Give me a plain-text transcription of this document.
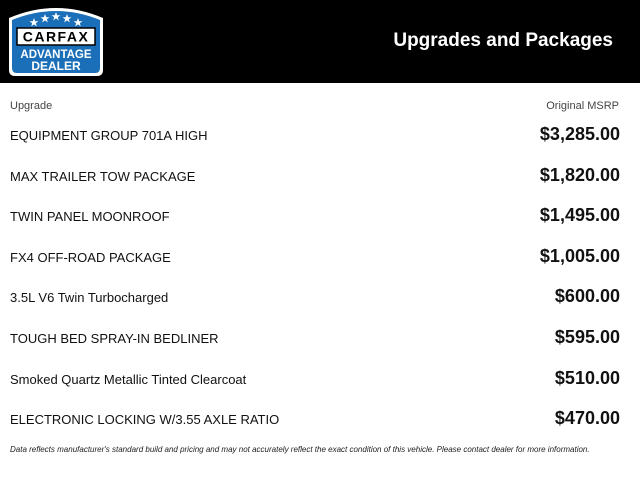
CARFAX
ADVANTAGE
DEALER
Upgrades and Packages
Upgrade	Original MSRP
EQUIPMENT GROUP 701A HIGH	$3,285.00
MAX TRAILER TOW PACKAGE	$1,820.00
TWIN PANEL MOONROOF	$1,495.00
FX4 OFF-ROAD PACKAGE	$1,005.00
3.5L V6 Twin Turbocharged	$600.00
TOUGH BED SPRAY-IN BEDLINER	$595.00
Smoked Quartz Metallic Tinted Clearcoat	$510.00
ELECTRONIC LOCKING W/3.55 AXLE RATIO	$470.00
Data reflects manufacturer's standard build and pricing and may not accurately reflect the exact condition of this vehicle. Please contact dealer for more information.
